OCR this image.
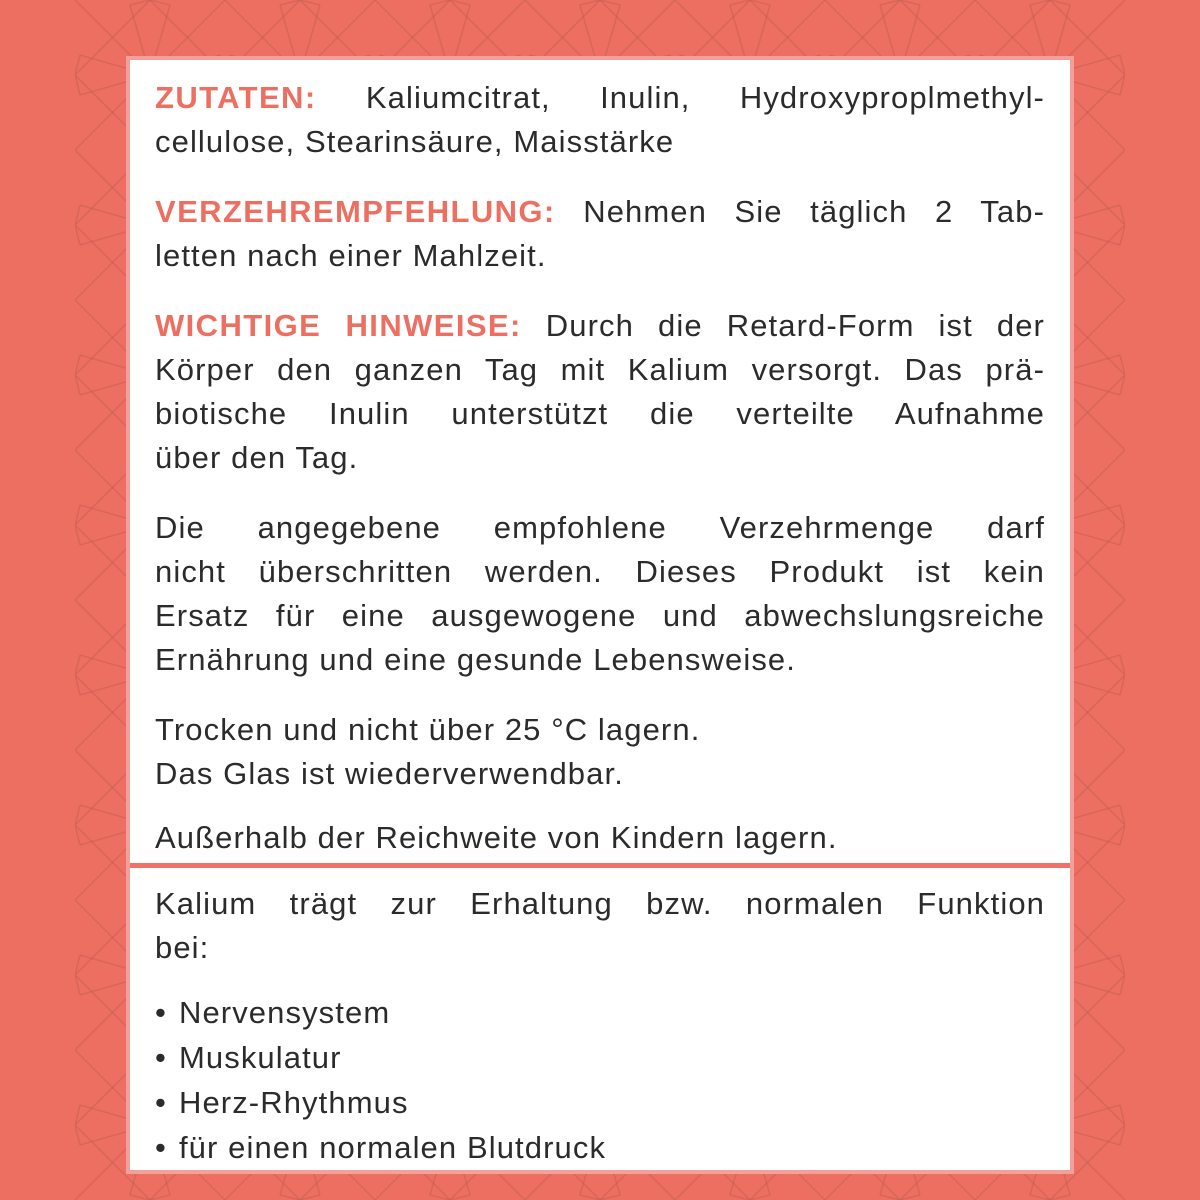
ZUTATEN: Kaliumcitrat, Inulin, Hydroxyproplmethyl-
cellulose, Stearinsäure, Maisstärke
VERZEHREMPFEHLUNG: Nehmen Sie täglich 2 Tab-
letten nach einer Mahlzeit.
WICHTIGE HINWEISE: Durch die Retard-Form ist der
Körper den ganzen Tag mit Kalium versorgt. Das prä-
biotische Inulin unterstützt die verteilte Aufnahme
über den Tag.
Die angegebene empfohlene Verzehrmenge darf
nicht überschritten werden. Dieses Produkt ist kein
Ersatz für eine ausgewogene und abwechslungsreiche
Ernährung und eine gesunde Lebensweise.
Trocken und nicht über 25 °C lagern.
Das Glas ist wiederverwendbar.
Außerhalb der Reichweite von Kindern lagern.
Kalium trägt zur Erhaltung bzw. normalen Funktion
bei:
• Nervensystem
• Muskulatur
• Herz-Rhythmus
• für einen normalen Blutdruck
